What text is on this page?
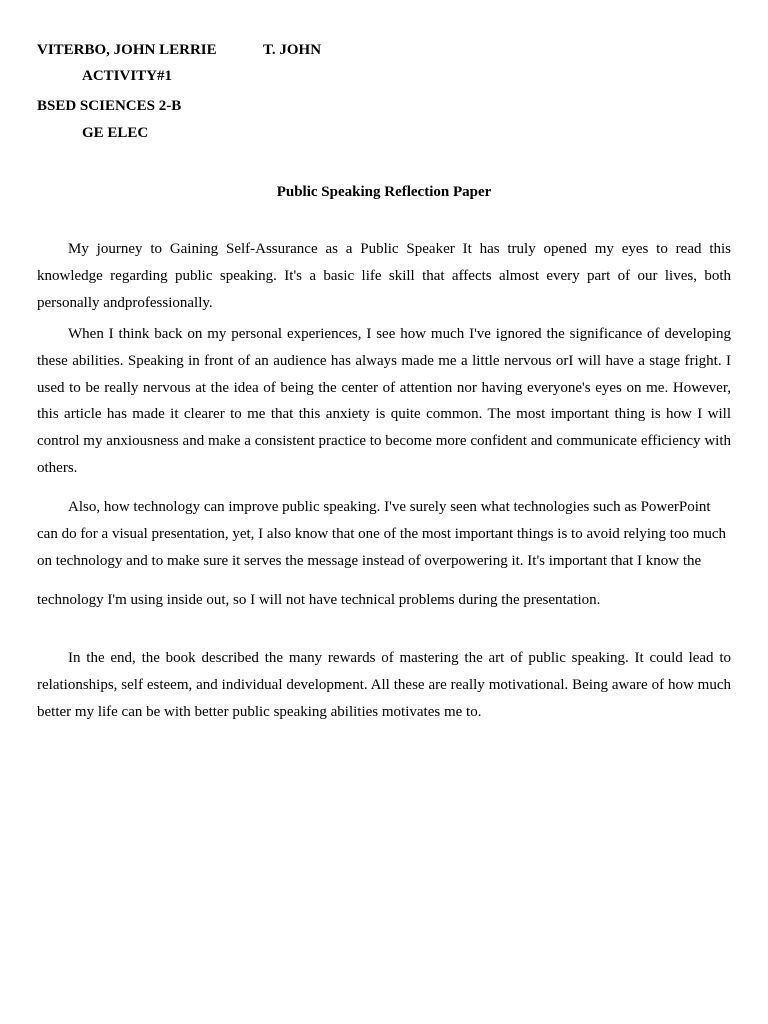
VITERBO, JOHN LERRIE	T. JOHN
ACTIVITY#1
BSED SCIENCES 2-B
GE ELEC
Public Speaking Reflection Paper

My journey to Gaining Self-Assurance as a Public Speaker It has truly opened my eyes to read this knowledge regarding public speaking. It's a basic life skill that affects almost every part of our lives, both personally andprofessionally.

When I think back on my personal experiences, I see how much I've ignored the significance of developing these abilities. Speaking in front of an audience has always made me a little nervous orI will have a stage fright. I used to be really nervous at the idea of being the center of attention nor having everyone's eyes on me. However, this article has made it clearer to me that this anxiety is quite common. The most important thing is how I will control my anxiousness and make a consistent practice to become more confident and communicate efficiency with others.

Also, how technology can improve public speaking. I've surely seen what technologies such as PowerPoint can do for a visual presentation, yet, I also know that one of the most important things is to avoid relying too much on technology and to make sure it serves the message instead of overpowering it. It's important that I know the

technology I'm using inside out, so I will not have technical problems during the presentation.

In the end, the book described the many rewards of mastering the art of public speaking. It could lead to relationships, self esteem, and individual development. All these are really motivational. Being aware of how much better my life can be with better public speaking abilities motivates me to.
